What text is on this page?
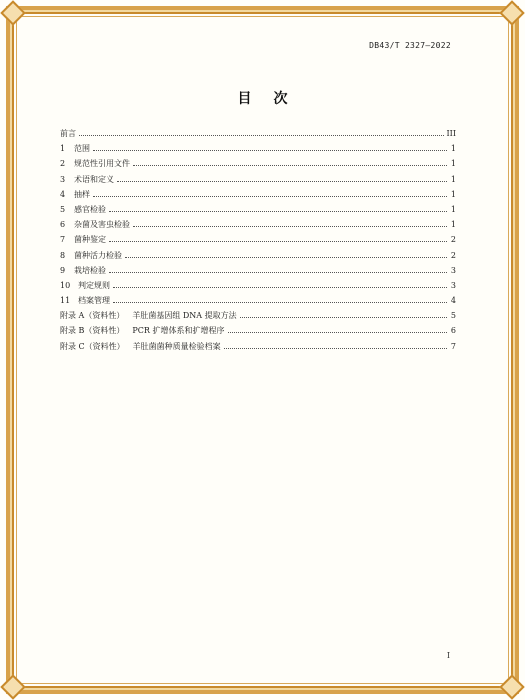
DB43/T 2327—2022
目次
前言	III
1	范围	1
2	规范性引用文件	1
3	术语和定义	1
4	抽样	1
5	感官检验	1
6	杂菌及害虫检验	1
7	菌种鉴定	2
8	菌种活力检验	2
9	栽培检验	3
10 判定规则	3
11 档案管理	4
附录 A（资料性） 羊肚菌基因组 DNA 提取方法	5
附录 B（资料性） PCR 扩增体系和扩增程序	6
附录 C（资料性） 羊肚菌菌种质量检验档案	7
I
